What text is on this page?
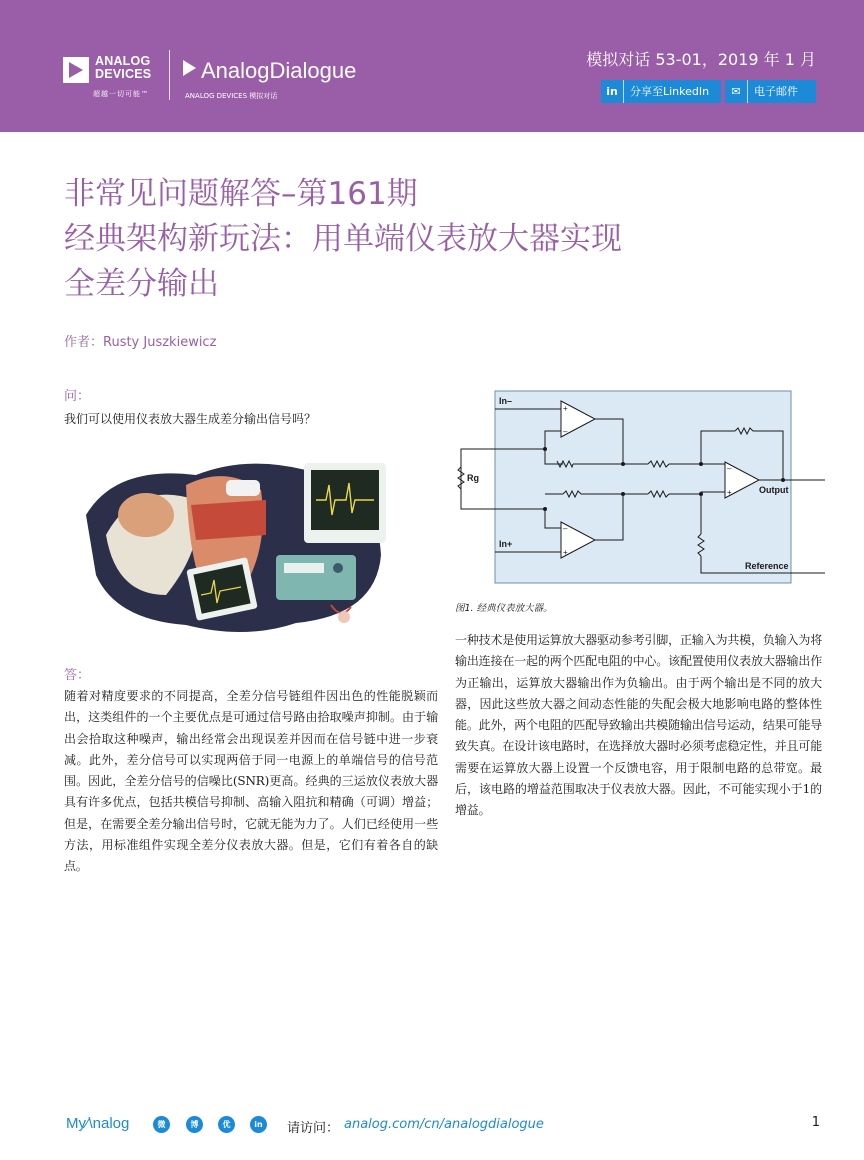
ANALOG
DEVICES
超越一切可能™
AnalogDialogue
ANALOG DEVICES 模拟对话
模拟对话 53-01，2019 年 1 月
in 分享至LinkedIn	✉ 电子邮件
非常见问题解答–第161期
经典架构新玩法：用单端仪表放大器实现
全差分输出
作者：Rusty Juszkiewicz
问：
我们可以使用仪表放大器生成差分输出信号吗？
答：

随着对精度要求的不同提高，全差分信号链组件因出色的性能脱颖而出，这类组件的一个主要优点是可通过信号路由拾取噪声抑制。由于输出会拾取这种噪声，输出经常会出现误差并因而在信号链中进一步衰减。此外，差分信号可以实现两倍于同一电源上的单端信号的信号范围。因此，全差分信号的信噪比(SNR)更高。经典的三运放仪表放大器具有许多优点，包括共模信号抑制、高输入阻抗和精确（可调）增益；但是，在需要全差分输出信号时，它就无能为力了。人们已经使用一些方法，用标准组件实现全差分仪表放大器。但是，它们有着各自的缺点。

+
–
–
+
–
+
In–
In+
Rg
Output
Reference
图1. 经典仪表放大器。

一种技术是使用运算放大器驱动参考引脚，正输入为共模，负输入为将输出连接在一起的两个匹配电阻的中心。该配置使用仪表放大器输出作为正输出，运算放大器输出作为负输出。由于两个输出是不同的放大器，因此这些放大器之间动态性能的失配会极大地影响电路的整体性能。此外，两个电阻的匹配导致输出共模随输出信号运动，结果可能导致失真。在设计该电路时，在选择放大器时必须考虑稳定性，并且可能需要在运算放大器上设置一个反馈电容，用于限制电路的总带宽。最后，该电路的增益范围取决于仪表放大器。因此，不可能实现小于1的增益。

My∕\nalog	微	博	优	in	请访问： analog.com/cn/analogdialogue	1
